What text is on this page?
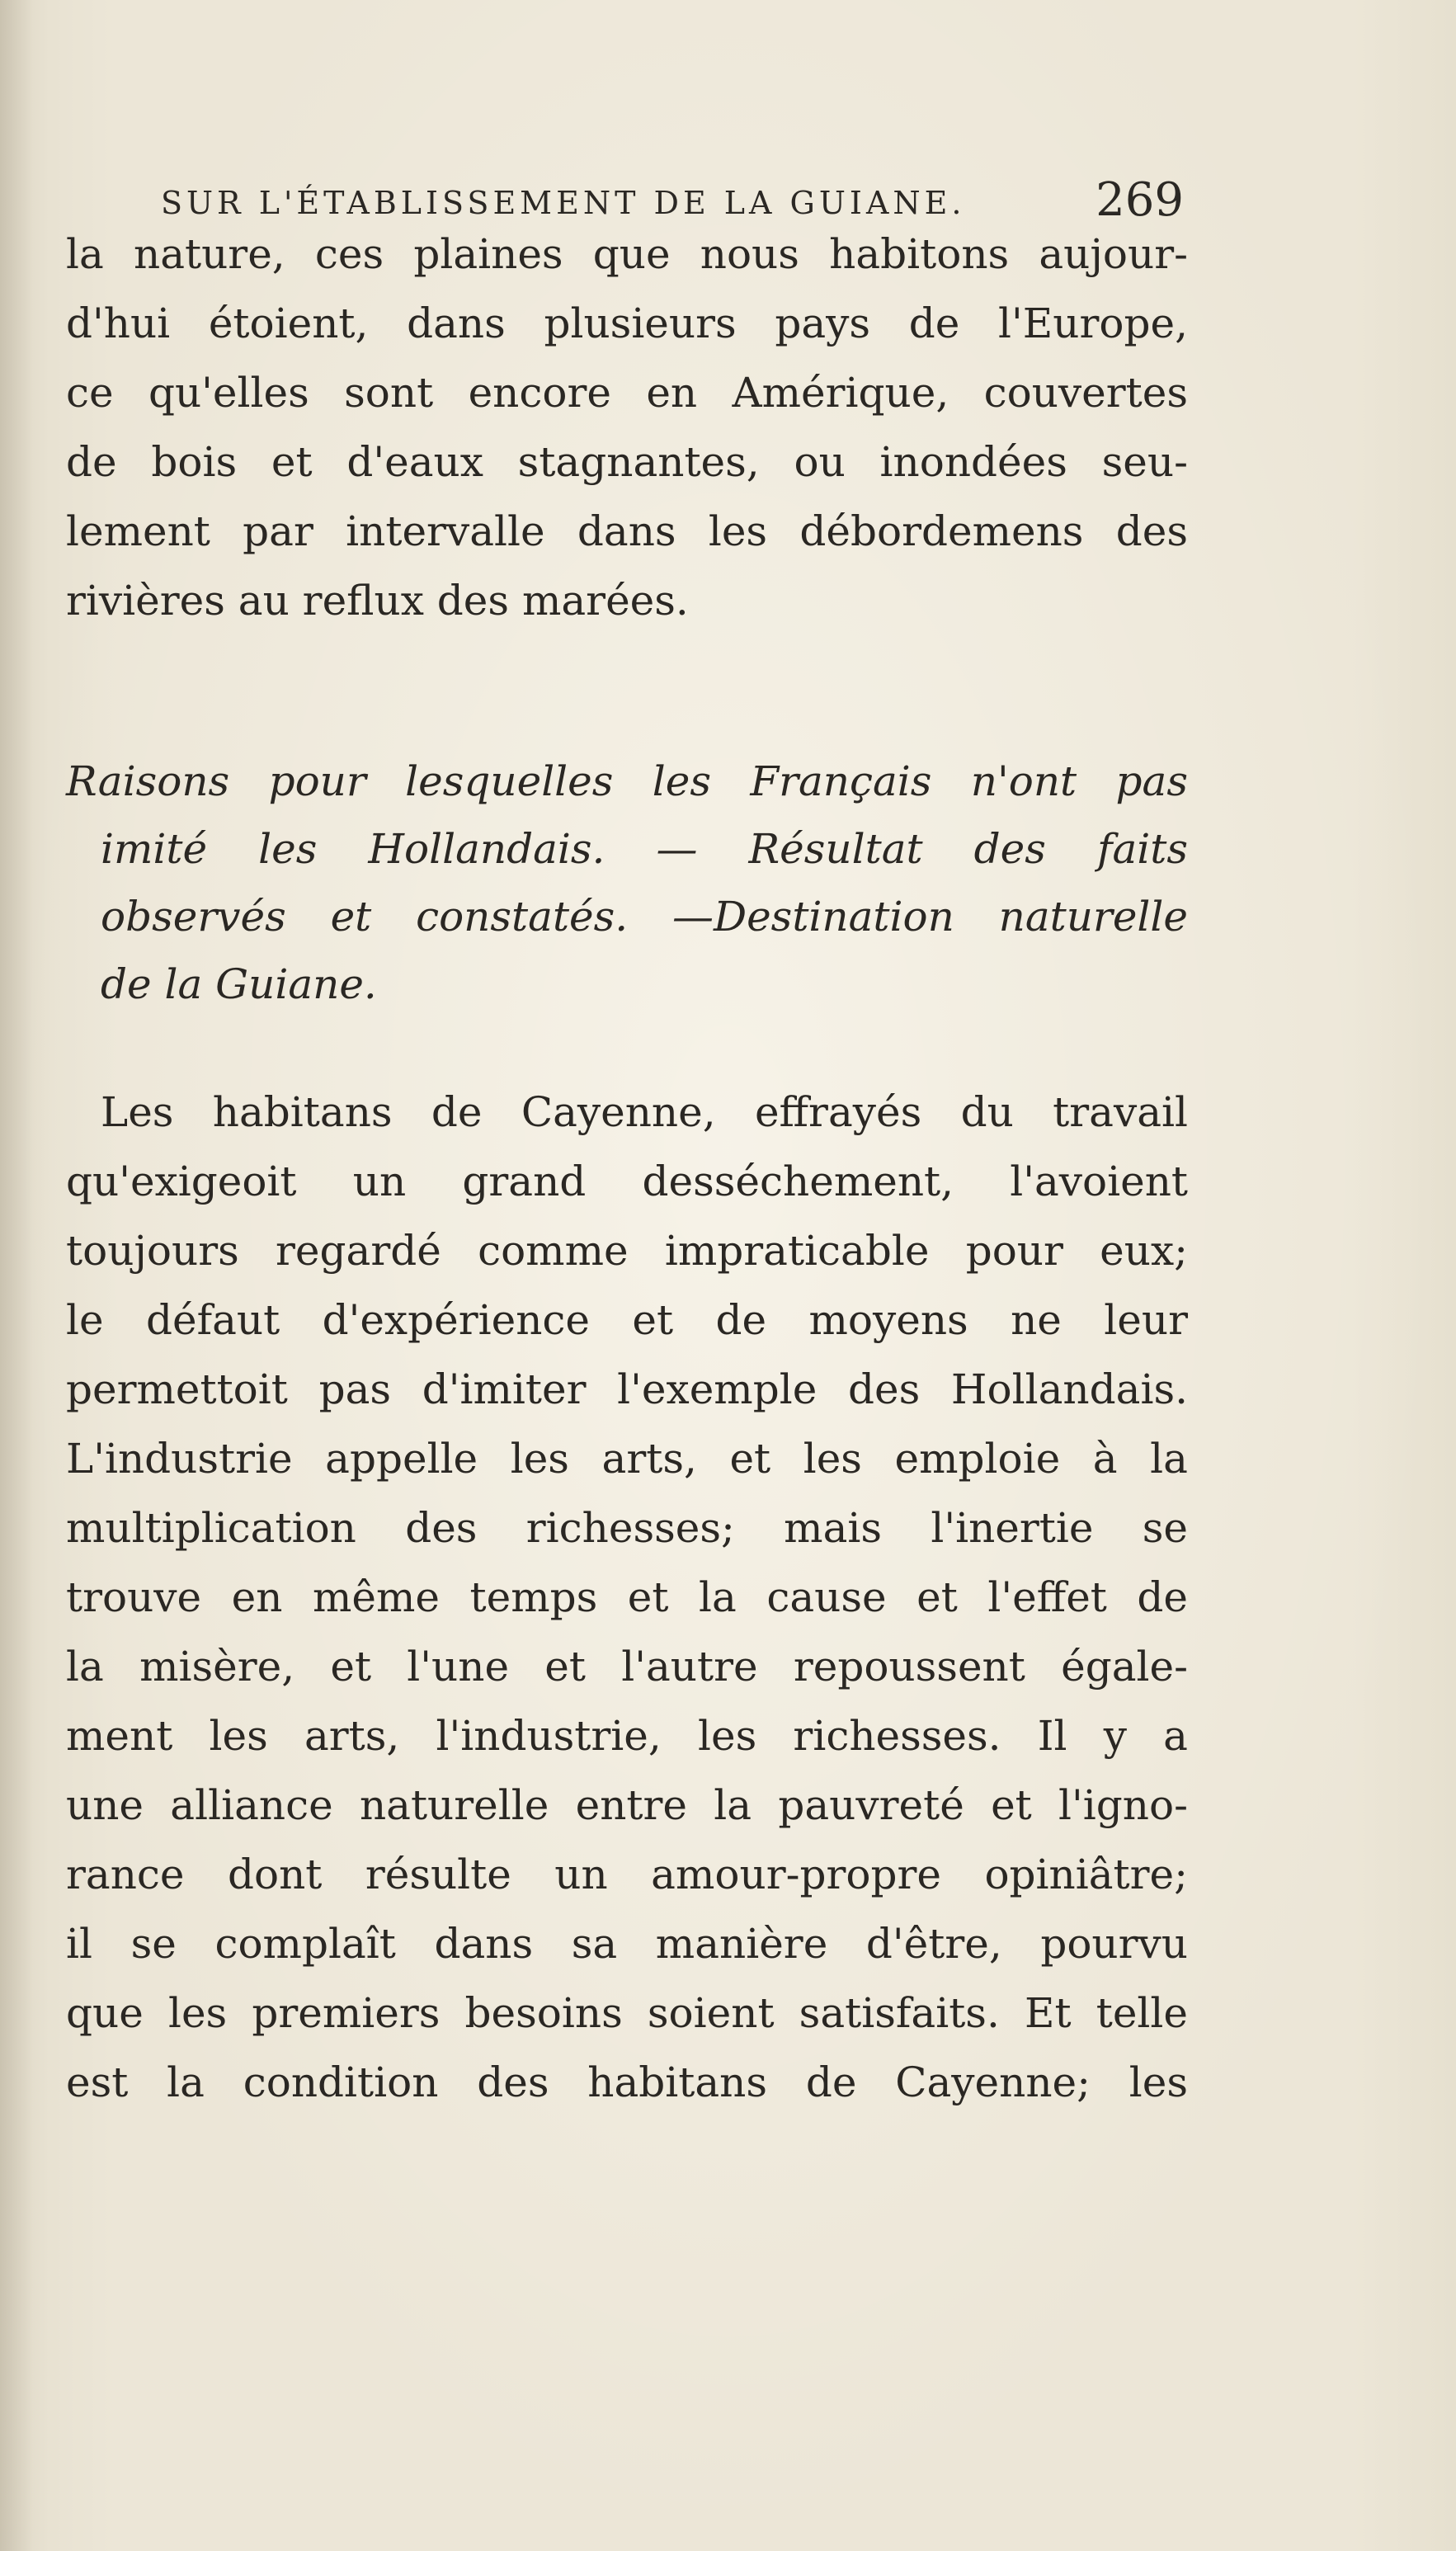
SUR L'ÉTABLISSEMENT DE LA GUIANE.	269
la nature, ces plaines que nous habitons aujour-
d'hui étoient, dans plusieurs pays de l'Europe,
ce qu'elles sont encore en Amérique, couvertes
de bois et d'eaux stagnantes, ou inondées seu-
lement par intervalle dans les débordemens des
rivières au reflux des marées.
Raisons pour lesquelles les Français n'ont pas
imité les Hollandais. — Résultat des faits
observés et constatés. —Destination naturelle
de la Guiane.
Les habitans de Cayenne, effrayés du travail
qu'exigeoit un grand desséchement, l'avoient
toujours regardé comme impraticable pour eux;
le défaut d'expérience et de moyens ne leur
permettoit pas d'imiter l'exemple des Hollandais.
L'industrie appelle les arts, et les emploie à la
multiplication des richesses; mais l'inertie se
trouve en même temps et la cause et l'effet de
la misère, et l'une et l'autre repoussent égale-
ment les arts, l'industrie, les richesses. Il y a
une alliance naturelle entre la pauvreté et l'igno-
rance dont résulte un amour-propre opiniâtre;
il se complaît dans sa manière d'être, pourvu
que les premiers besoins soient satisfaits. Et telle
est la condition des habitans de Cayenne; les
